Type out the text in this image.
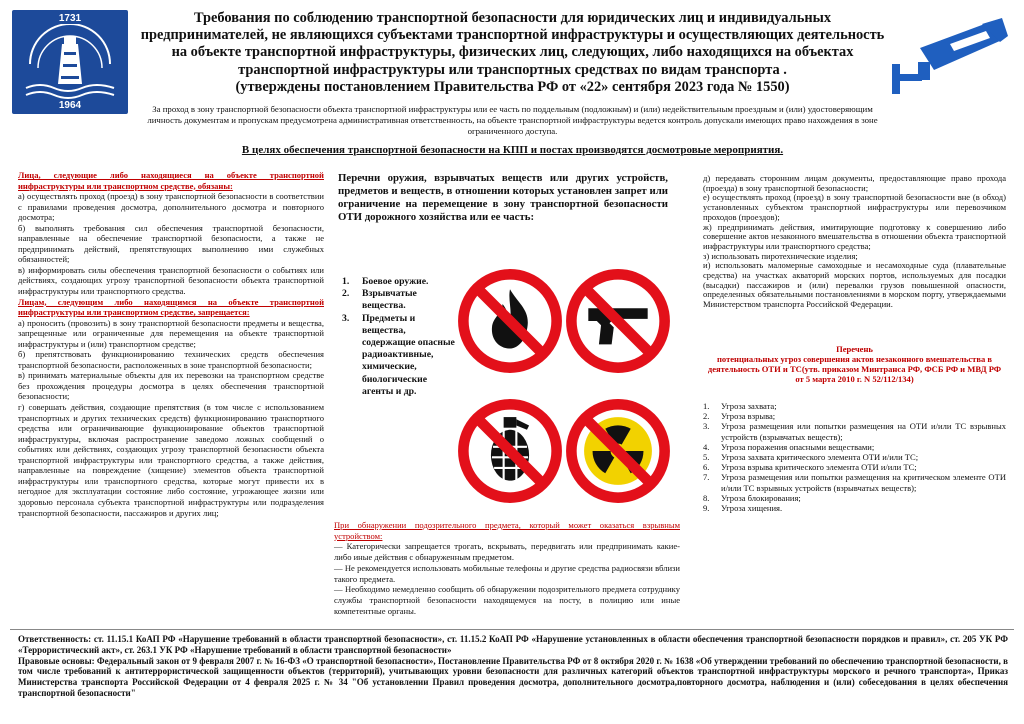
1731
1964
Требования по соблюдению транспортной безопасности для юридических лиц и индивидуальных предпринимателей, не являющихся субъектами транспортной инфраструктуры и осуществляющих деятельность на объекте транспортной инфраструктуры, физических лиц, следующих, либо находящихся на объектах транспортной инфраструктуры или транспортных средствах по видам транспорта .
(утверждены постановлением Правительства РФ от «22» сентября 2023 года № 1550)
За проход в зону транспортной безопасности объекта транспортной инфраструктуры или ее часть по поддельным (подложным) и (или) недействительным проездным и (или) удостоверяющим личность документам и пропускам предусмотрена административная ответственность, на объекте транспортной инфраструктуры ведется контроль допускали имеющих право нахождения в зоне ограниченного доступа.
В целях обеспечения транспортной безопасности на КПП и постах производятся досмотровые мероприятия.

Лица, следующие либо находящиеся на объекте транспортной инфраструктуры или транспортном средстве, обязаны:

а) осуществлять проход (проезд) в зону транспортной безопасности в соответствии с правилами проведения досмотра, дополнительного досмотра и повторного досмотра;

б) выполнять требования сил обеспечения транспортной безопасности, направленные на обеспечение транспортной безопасности, а также не предпринимать действий, препятствующих выполнению ими служебных обязанностей;

в) информировать силы обеспечения транспортной безопасности о событиях или действиях, создающих угрозу транспортной безопасности объекта транспортной инфраструктуры или транспортного средства.

Лицам, следующим либо находящимся на объекте транспортной инфраструктуры или транспортном средстве, запрещается:

а) проносить (провозить) в зону транспортной безопасности предметы и вещества, запрещенные или ограниченные для перемещения на объекте транспортной инфраструктуры и (или) транспортном средстве;

б) препятствовать функционированию технических средств обеспечения транспортной безопасности, расположенных в зоне транспортной безопасности;

в) принимать материальные объекты для их перевозки на транспортном средстве без прохождения процедуры досмотра в целях обеспечения транспортной безопасности;

г) совершать действия, создающие препятствия (в том числе с использованием транспортных и других технических средств) функционированию транспортного средства или ограничивающие функционирование объектов транспортной инфраструктуры, включая распространение заведомо ложных сообщений о событиях или действиях, создающих угрозу транспортной безопасности объекта транспортной инфраструктуры или транспортного средства, а также действия, направленные на повреждение (хищение) элементов объекта транспортной инфраструктуры или транспортного средства, которые могут привести их в негодное для эксплуатации состояние либо состояние, угрожающее жизни или здоровью персонала субъекта транспортной инфраструктуры или подразделения транспортной безопасности, пассажиров и других лиц;

Перечни оружия, взрывчатых веществ или других устройств, предметов и веществ, в отношении которых установлен запрет или ограничение на перемещение в зону транспортной безопасности ОТИ дорожного хозяйства или ее часть:
1.	Боевое оружие.
2.	Взрывчатые вещества.
3.	Предметы и вещества, содержащие опасные радиоактивные, химические, биологические агенты и др.

При обнаружении подозрительного предмета, который может оказаться взрывным устройством:

— Категорически запрещается трогать, вскрывать, передвигать или предпринимать какие-либо иные действия с обнаруженным предметом.

— Не рекомендуется использовать мобильные телефоны и другие средства радиосвязи вблизи такого предмета.

— Необходимо немедленно сообщить об обнаружении подозрительного предмета сотруднику службы транспортной безопасности находящемуся на посту, в полицию или иные компетентные органы.

д) передавать сторонним лицам документы, предоставляющие право прохода (проезда) в зону транспортной безопасности;

е) осуществлять проход (проезд) в зону транспортной безопасности вне (в обход) установленных субъектом транспортной инфраструктуры или перевозчиком проходов (проездов);

ж) предпринимать действия, имитирующие подготовку к совершению либо совершение актов незаконного вмешательства в отношении объекта транспортной инфраструктуры или транспортного средства;

з) использовать пиротехнические изделия;

и) использовать маломерные самоходные и несамоходные суда (плавательные средства) на участках акваторий морских портов, используемых для посадки (высадки) пассажиров и (или) перевалки грузов повышенной опасности, определенных обязательными постановлениями в морском порту, утверждаемыми Министерством транспорта Российской Федерации.

Перечень
потенциальных угроз совершения актов незаконного вмешательства в деятельность ОТИ и ТС(утв. приказом Минтранса РФ, ФСБ РФ и МВД РФ
от 5 марта 2010 г. N 52/112/134)
1.	Угроза захвата;
2.	Угроза взрыва;
3.	Угроза размещения или попытки размещения на ОТИ и/или ТС взрывных устройств (взрывчатых веществ);
4.	Угроза поражения опасными веществами;
5.	Угроза захвата критического элемента ОТИ и/или ТС;
6.	Угроза взрыва критического элемента ОТИ и/или ТС;
7.	Угроза размещения или попытки размещения на критическом элементе ОТИ и/или ТС взрывных устройств (взрывчатых веществ);
8.	Угроза блокирования;
9.	Угроза хищения.

Ответственность: ст. 11.15.1 КоАП РФ «Нарушение требований в области транспортной безопасности», ст. 11.15.2 КоАП РФ «Нарушение установленных в области обеспечения транспортной безопасности порядков и правил», ст. 205 УК РФ «Террористический акт», ст. 263.1 УК РФ «Нарушение требований в области транспортной безопасности»

Правовые основы: Федеральный закон от 9 февраля 2007 г. № 16-ФЗ «О транспортной безопасности», Постановление Правительства РФ от 8 октября 2020 г. № 1638 «Об утверждении требований по обеспечению транспортной безопасности, в том числе требований к антитеррористической защищенности объектов (территорий), учитывающих уровни безопасности для различных категорий объектов транспортной инфраструктуры морского и речного транспорта», Приказ Министерства транспорта Российской Федерации от 4 февраля 2025 г. № 34 "Об установлении Правил проведения досмотра, дополнительного досмотра,повторного досмотра, наблюдения и (или) собеседования в целях обеспечения транспортной безопасности"
